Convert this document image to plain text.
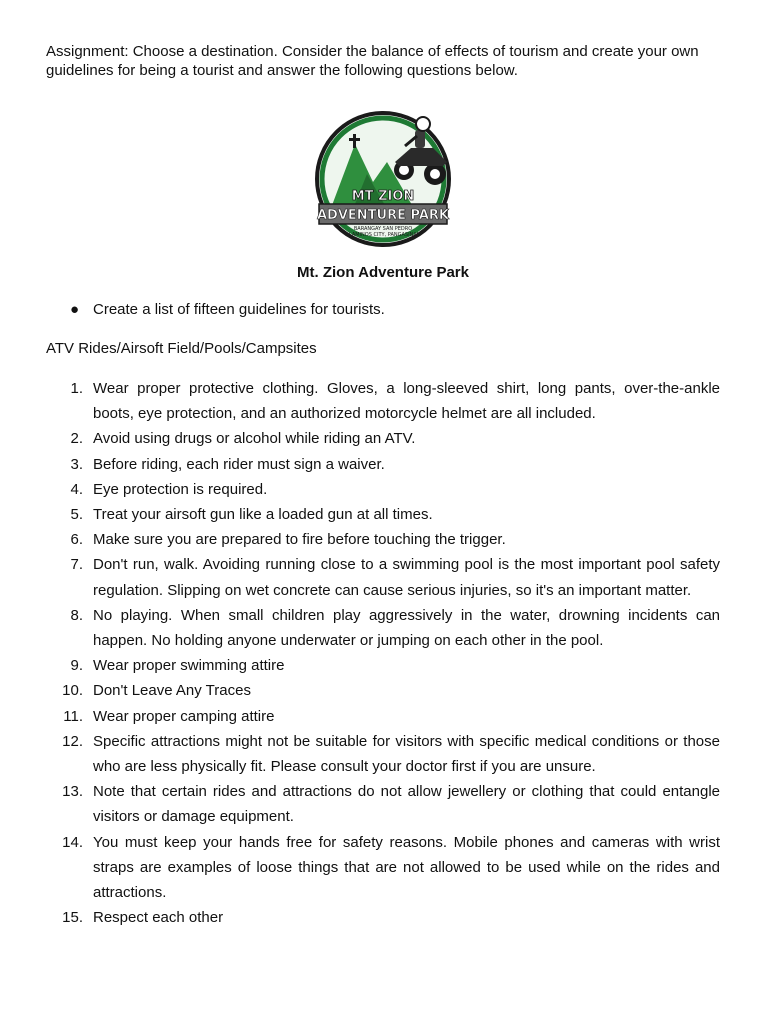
Assignment: Choose a destination. Consider the balance of effects of tourism and create your own guidelines for being a tourist and answer the following questions below.

MT ZION
ADVENTURE PARK
BARANGAY SAN PEDRO
ALAMINOS CITY, PANGASINAN
Mt. Zion Adventure Park
● Create a list of fifteen guidelines for tourists.

ATV Rides/Airsoft Field/Pools/Campsites

1. Wear proper protective clothing. Gloves, a long-sleeved shirt, long pants, over-the-ankle boots, eye protection, and an authorized motorcycle helmet are all included.
2. Avoid using drugs or alcohol while riding an ATV.
3. Before riding, each rider must sign a waiver.
4. Eye protection is required.
5. Treat your airsoft gun like a loaded gun at all times.
6. Make sure you are prepared to fire before touching the trigger.
7. Don't run, walk. Avoiding running close to a swimming pool is the most important pool safety regulation. Slipping on wet concrete can cause serious injuries, so it's an important matter.
8. No playing. When small children play aggressively in the water, drowning incidents can happen. No holding anyone underwater or jumping on each other in the pool.
9. Wear proper swimming attire
10. Don't Leave Any Traces
11. Wear proper camping attire
12. Specific attractions might not be suitable for visitors with specific medical conditions or those who are less physically fit. Please consult your doctor first if you are unsure.
13. Note that certain rides and attractions do not allow jewellery or clothing that could entangle visitors or damage equipment.
14. You must keep your hands free for safety reasons. Mobile phones and cameras with wrist straps are examples of loose things that are not allowed to be used while on the rides and attractions.
15. Respect each other
